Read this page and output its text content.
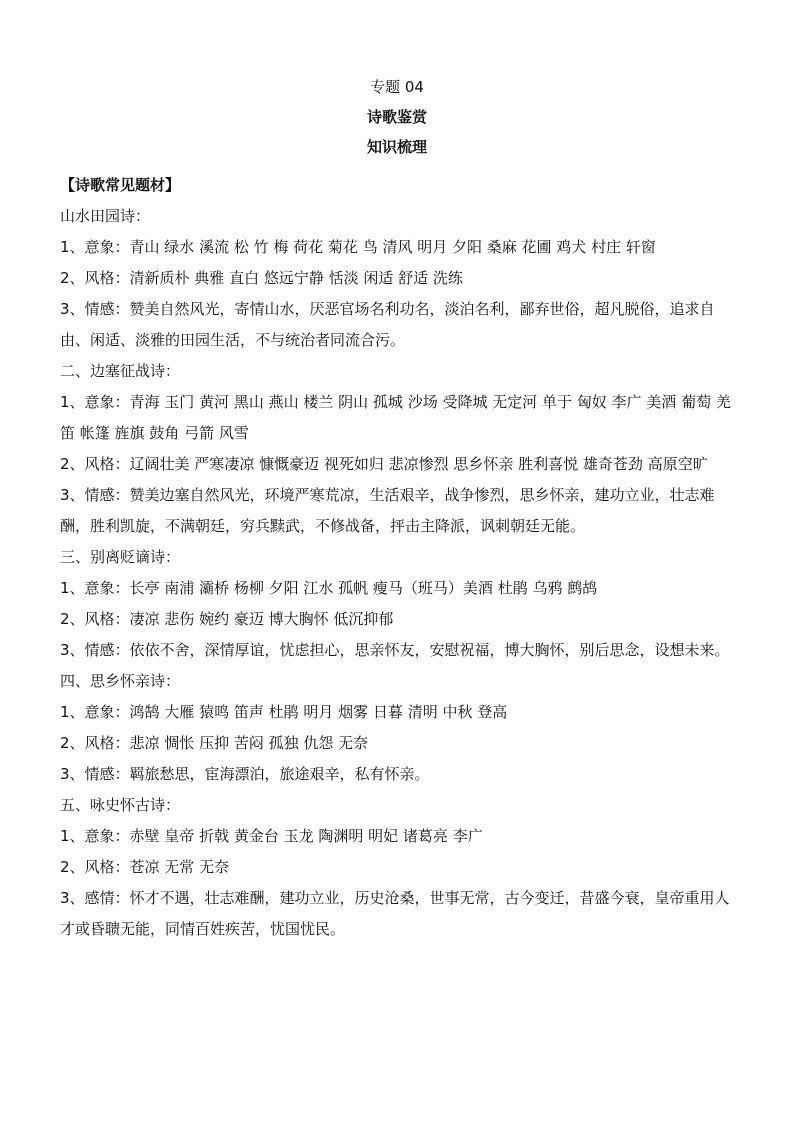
专题 04
诗歌鉴赏
知识梳理

【诗歌常见题材】

山水田园诗：

1、意象：青山 绿水 溪流 松 竹 梅 荷花 菊花 鸟 清风 明月 夕阳 桑麻 花圃 鸡犬 村庄 轩窗

2、风格：清新质朴 典雅 直白 悠远宁静 恬淡 闲适 舒适 洗练

3、情感：赞美自然风光，寄情山水，厌恶官场名利功名，淡泊名利，鄙弃世俗，超凡脱俗，追求自由、闲适、淡雅的田园生活，不与统治者同流合污。

二、边塞征战诗：

1、意象：青海 玉门 黄河 黑山 燕山 楼兰 阴山 孤城 沙场 受降城 无定河 单于 匈奴 李广 美酒 葡萄 羌笛 帐篷 旌旗 鼓角 弓箭 风雪

2、风格：辽阔壮美 严寒凄凉 慷慨豪迈 视死如归 悲凉惨烈 思乡怀亲 胜利喜悦 雄奇苍劲 高原空旷

3、情感：赞美边塞自然风光，环境严寒荒凉，生活艰辛，战争惨烈，思乡怀亲，建功立业，壮志难酬，胜利凯旋，不满朝廷，穷兵黩武，不修战备，抨击主降派，讽刺朝廷无能。

三、别离贬谪诗：

1、意象：长亭 南浦 灞桥 杨柳 夕阳 江水 孤帆 瘦马（班马）美酒 杜鹃 乌鸦 鹧鸪

2、风格：凄凉 悲伤 婉约 豪迈 博大胸怀 低沉抑郁

3、情感：依依不舍，深情厚谊，忧虑担心，思亲怀友，安慰祝福，博大胸怀，别后思念，设想未来。

四、思乡怀亲诗：

1、意象：鸿鹄 大雁 猿鸣 笛声 杜鹃 明月 烟雾 日暮 清明 中秋 登高

2、风格：悲凉 惆怅 压抑 苦闷 孤独 仇怨 无奈

3、情感：羁旅愁思，宦海漂泊，旅途艰辛，私有怀亲。

五、咏史怀古诗：

1、意象：赤壁 皇帝 折戟 黄金台 玉龙 陶渊明 明妃 诸葛亮 李广

2、风格：苍凉 无常 无奈

3、感情：怀才不遇，壮志难酬，建功立业，历史沧桑，世事无常，古今变迁，昔盛今衰，皇帝重用人才或昏聩无能，同情百姓疾苦，忧国忧民。
